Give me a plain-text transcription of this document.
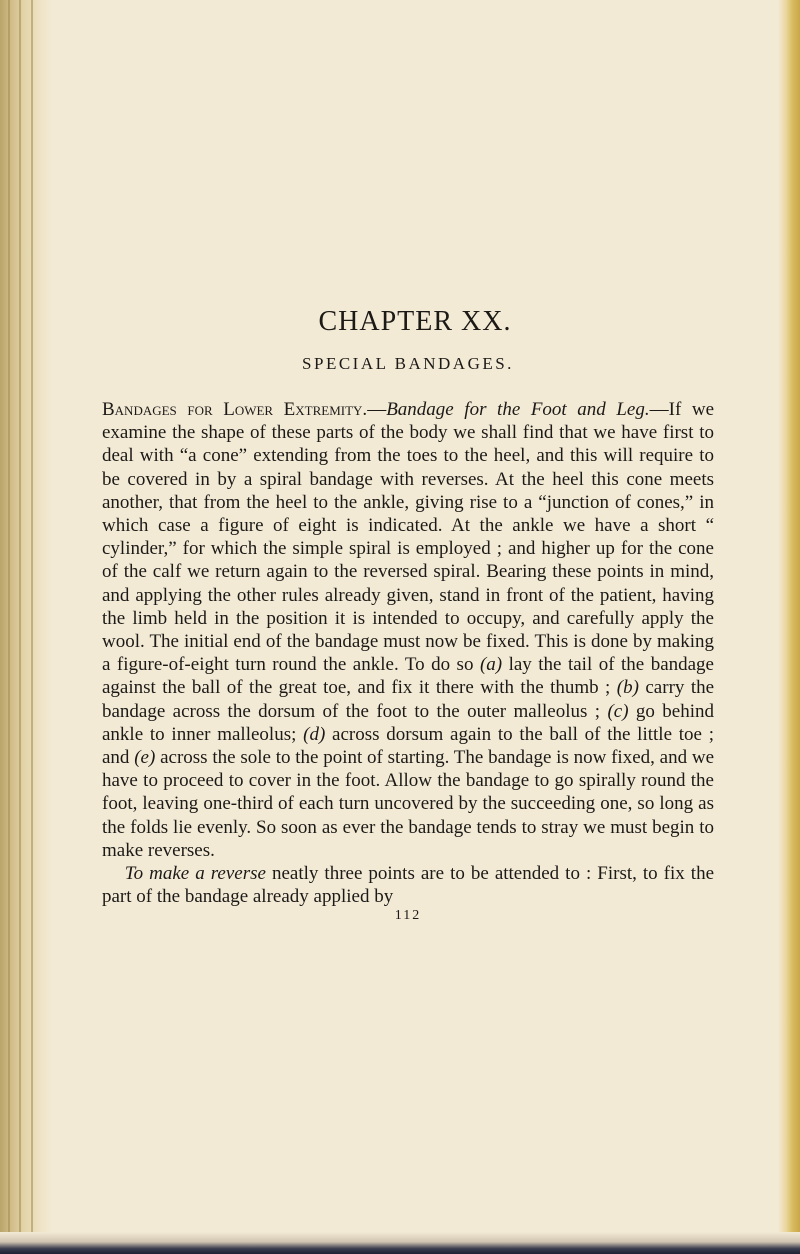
CHAPTER XX.
SPECIAL BANDAGES.

Bandages for Lower Extremity.—Bandage for the Foot and Leg.—If we examine the shape of these parts of the body we shall find that we have first to deal with “a cone” extending from the toes to the heel, and this will require to be covered in by a spiral bandage with reverses. At the heel this cone meets another, that from the heel to the ankle, giving rise to a “junction of cones,” in which case a figure of eight is indicated. At the ankle we have a short “ cylinder,” for which the simple spiral is employed ; and higher up for the cone of the calf we return again to the reversed spiral. Bearing these points in mind, and applying the other rules already given, stand in front of the patient, having the limb held in the position it is intended to occupy, and carefully apply the wool. The initial end of the bandage must now be fixed. This is done by making a figure-of-eight turn round the ankle. To do so (a) lay the tail of the bandage against the ball of the great toe, and fix it there with the thumb ; (b) carry the bandage across the dorsum of the foot to the outer malleolus ; (c) go behind ankle to inner malleolus; (d) across dorsum again to the ball of the little toe ; and (e) across the sole to the point of starting. The bandage is now fixed, and we have to proceed to cover in the foot. Allow the bandage to go spirally round the foot, leaving one-third of each turn uncovered by the succeeding one, so long as the folds lie evenly. So soon as ever the bandage tends to stray we must begin to make reverses.

To make a reverse neatly three points are to be attended to : First, to fix the part of the bandage already applied by

112
